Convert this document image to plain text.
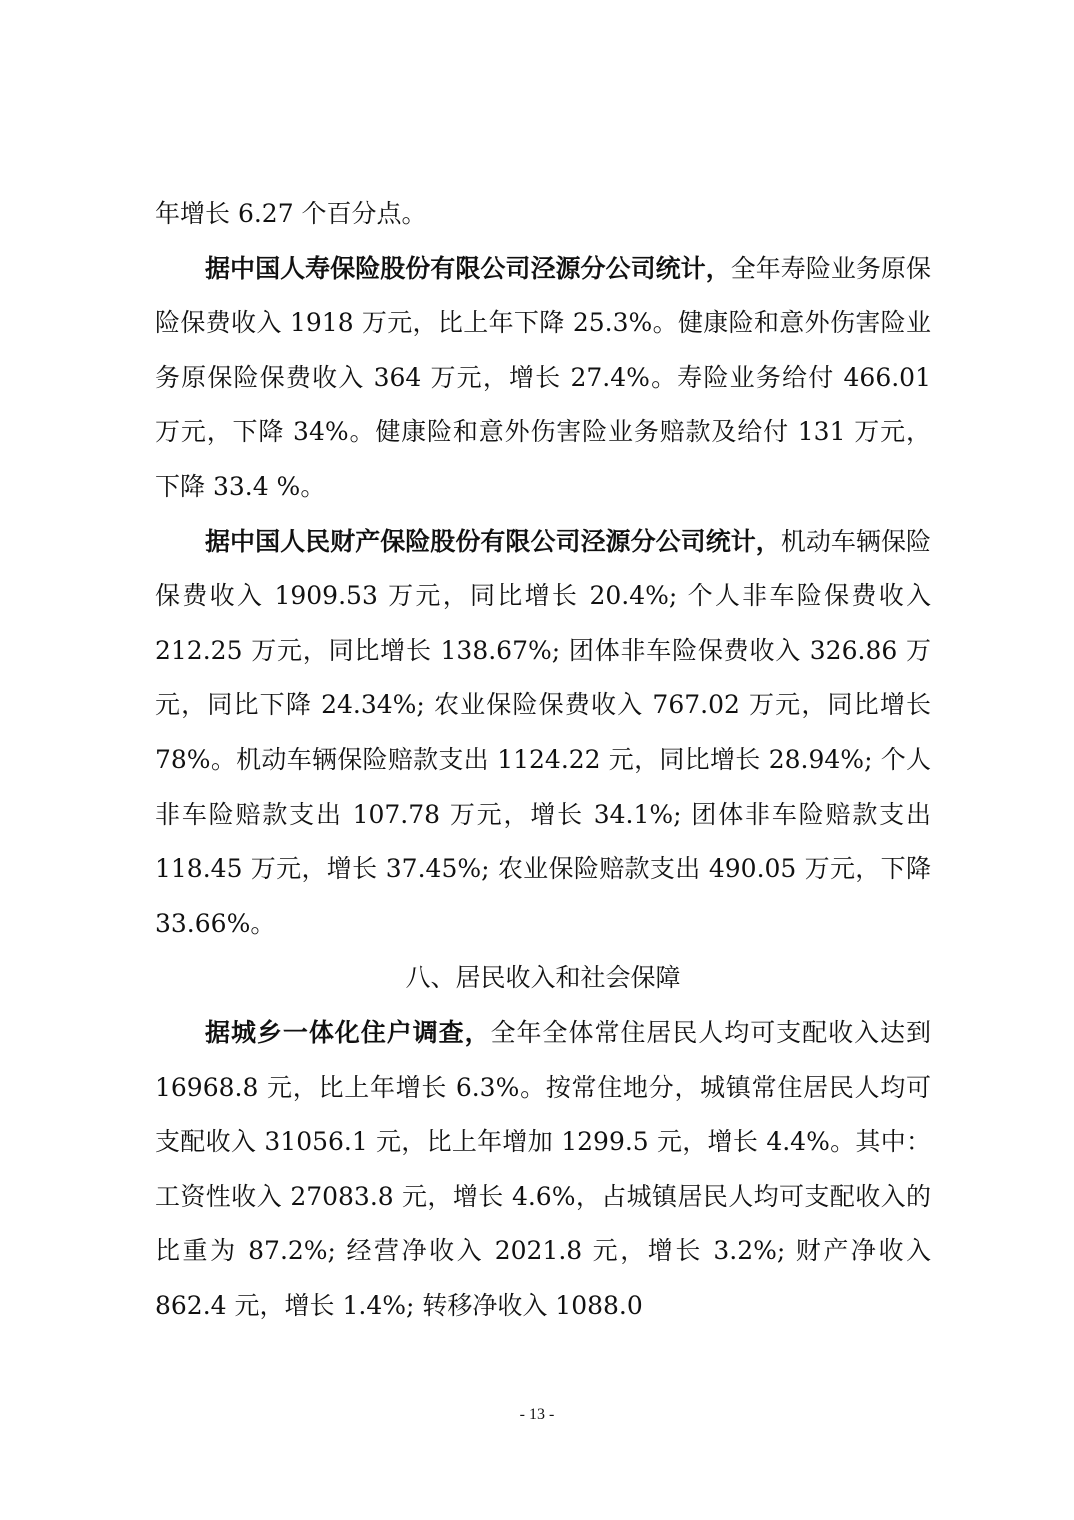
年增长 6.27 个百分点。

据中国人寿保险股份有限公司泾源分公司统计，全年寿险业务原保险保费收入 1918 万元，比上年下降 25.3%。健康险和意外伤害险业务原保险保费收入 364 万元，增长 27.4%。寿险业务给付 466.01 万元，下降 34%。健康险和意外伤害险业务赔款及给付 131 万元，下降 33.4 %。

据中国人民财产保险股份有限公司泾源分公司统计，机动车辆保险保费收入 1909.53 万元，同比增长 20.4%; 个人非车险保费收入 212.25 万元，同比增长 138.67%; 团体非车险保费收入 326.86 万元，同比下降 24.34%; 农业保险保费收入 767.02 万元，同比增长 78%。机动车辆保险赔款支出 1124.22 元，同比增长 28.94%; 个人非车险赔款支出 107.78 万元，增长 34.1%; 团体非车险赔款支出 118.45 万元，增长 37.45%; 农业保险赔款支出 490.05 万元，下降 33.66%。

八、居民收入和社会保障

据城乡一体化住户调查，全年全体常住居民人均可支配收入达到 16968.8 元，比上年增长 6.3%。按常住地分，城镇常住居民人均可支配收入 31056.1 元，比上年增加 1299.5 元，增长 4.4%。其中：工资性收入 27083.8 元，增长 4.6%，占城镇居民人均可支配收入的比重为 87.2%; 经营净收入 2021.8 元，增长 3.2%; 财产净收入 862.4 元，增长 1.4%; 转移净收入 1088.0

- 13 -
